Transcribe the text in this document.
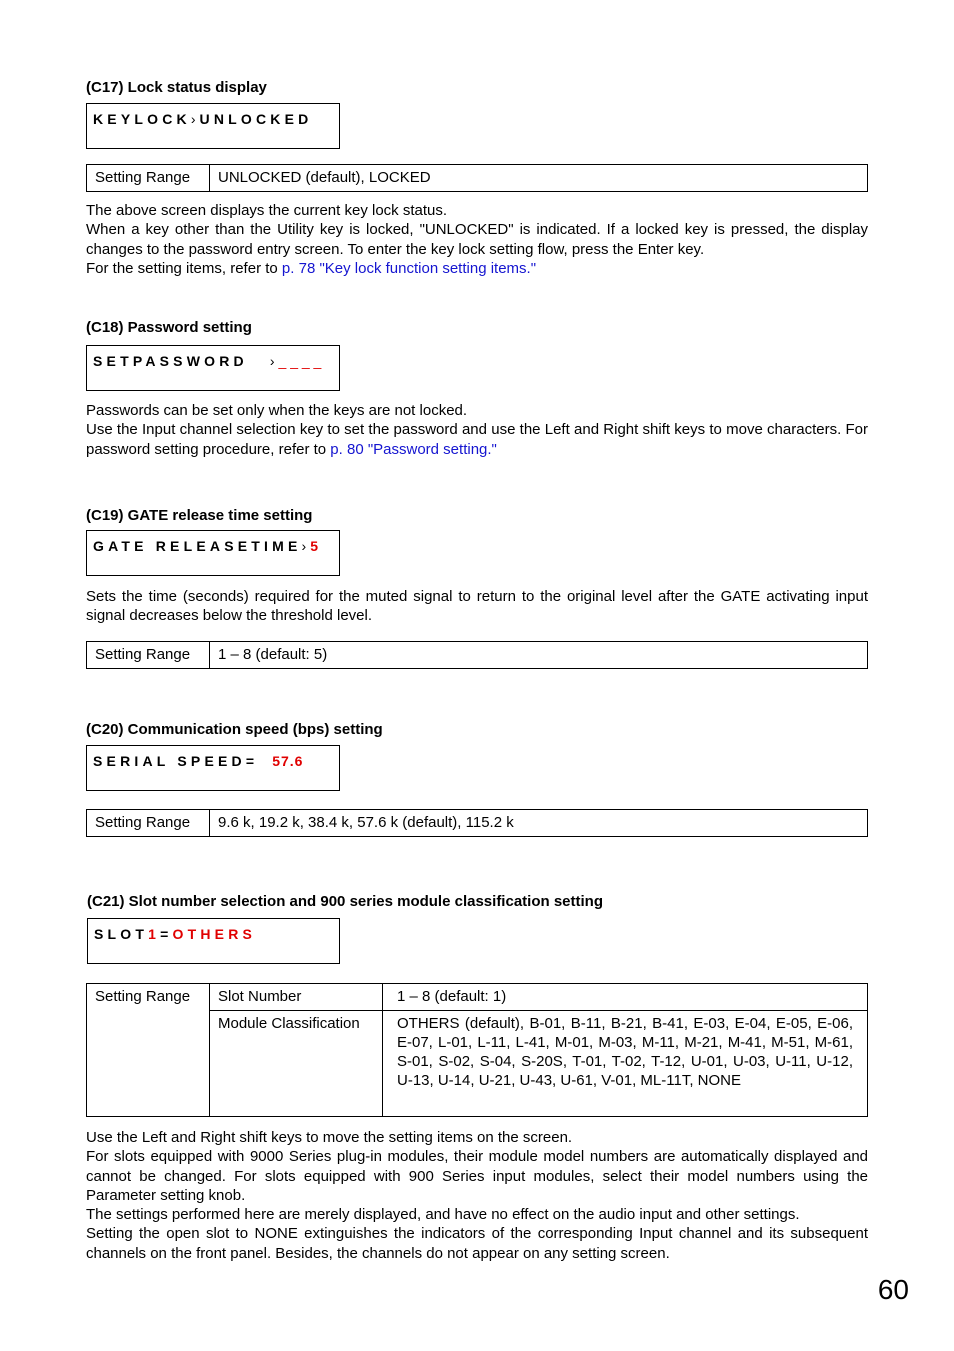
(C17) Lock status display
KEYLOCK› UNLOCKED
Setting Range	UNLOCKED (default), LOCKED

The above screen displays the current key lock status.

When a key other than the Utility key is locked, "UNLOCKED" is indicated. If a locked key is pressed, the display changes to the password entry screen. To enter the key lock setting flow, press the Enter key.

For the setting items, refer to p. 78 "Key lock function setting items."

(C18) Password setting
SETPASSWORD › _ _ _ _

Passwords can be set only when the keys are not locked.

Use the Input channel selection key to set the password and use the Left and Right shift keys to move characters. For password setting procedure, refer to p. 80 "Password setting."

(C19) GATE release time setting
GATE RELEASETIME› 5

Sets the time (seconds) required for the muted signal to return to the original level after the GATE activating input signal decreases below the threshold level.

Setting Range	1 – 8 (default: 5)
(C20) Communication speed (bps) setting
SERIAL SPEED= 57.6
Setting Range	9.6 k, 19.2 k, 38.4 k, 57.6 k (default), 115.2 k
(C21) Slot number selection and 900 series module classification setting
SLOT1=OTHERS
Setting Range	Slot Number	1 – 8 (default: 1)
	Module Classification	OTHERS (default), B-01, B-11, B-21, B-41, E-03, E-04, E-05, E-06, E-07, L-01, L-11, L-41, M-01, M-03, M-11, M-21, M-41, M-51, M-61, S-01, S-02, S-04, S-20S, T-01, T-02, T-12, U-01, U-03, U-11, U-12, U-13, U-14, U-21, U-43, U-61, V-01, ML-11T, NONE

Use the Left and Right shift keys to move the setting items on the screen.

For slots equipped with 9000 Series plug-in modules, their module model numbers are automatically displayed and cannot be changed. For slots equipped with 900 Series input modules, select their model numbers using the Parameter setting knob.

The settings performed here are merely displayed, and have no effect on the audio input and other settings.

Setting the open slot to NONE extinguishes the indicators of the corresponding Input channel and its subsequent channels on the front panel. Besides, the channels do not appear on any setting screen.

60
